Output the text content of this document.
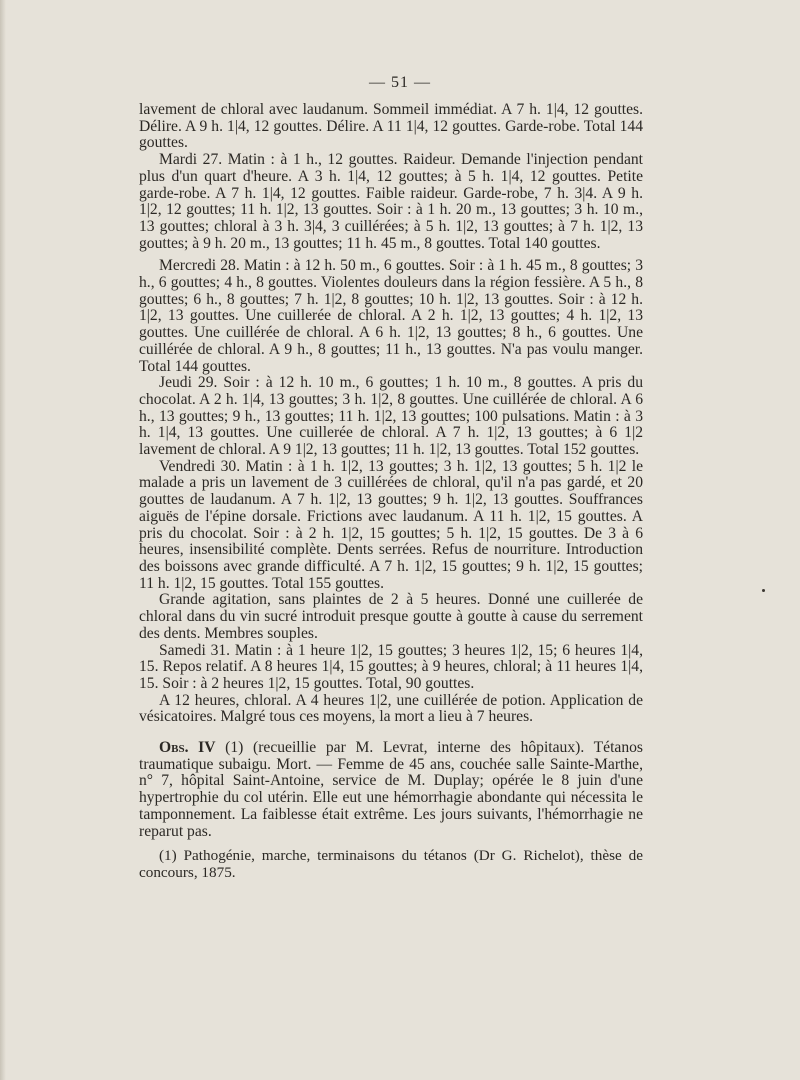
— 51 —

lavement de chloral avec laudanum. Sommeil immédiat. A 7 h. 1|4, 12 gouttes. Délire. A 9 h. 1|4, 12 gouttes. Délire. A 11 1|4, 12 gouttes. Garde-robe. Total 144 gouttes.

Mardi 27. Matin : à 1 h., 12 gouttes. Raideur. Demande l'injection pendant plus d'un quart d'heure. A 3 h. 1|4, 12 gouttes; à 5 h. 1|4, 12 gouttes. Petite garde-robe. A 7 h. 1|4, 12 gouttes. Faible raideur. Garde-robe, 7 h. 3|4. A 9 h. 1|2, 12 gouttes; 11 h. 1|2, 13 gouttes. Soir : à 1 h. 20 m., 13 gouttes; 3 h. 10 m., 13 gouttes; chloral à 3 h. 3|4, 3 cuillérées; à 5 h. 1|2, 13 gouttes; à 7 h. 1|2, 13 gouttes; à 9 h. 20 m., 13 gouttes; 11 h. 45 m., 8 gouttes. Total 140 gouttes.

Mercredi 28. Matin : à 12 h. 50 m., 6 gouttes. Soir : à 1 h. 45 m., 8 gouttes; 3 h., 6 gouttes; 4 h., 8 gouttes. Violentes douleurs dans la région fessière. A 5 h., 8 gouttes; 6 h., 8 gouttes; 7 h. 1|2, 8 gouttes; 10 h. 1|2, 13 gouttes. Soir : à 12 h. 1|2, 13 gouttes. Une cuillerée de chloral. A 2 h. 1|2, 13 gouttes; 4 h. 1|2, 13 gouttes. Une cuillérée de chloral. A 6 h. 1|2, 13 gouttes; 8 h., 6 gouttes. Une cuillérée de chloral. A 9 h., 8 gouttes; 11 h., 13 gouttes. N'a pas voulu manger. Total 144 gouttes.

Jeudi 29. Soir : à 12 h. 10 m., 6 gouttes; 1 h. 10 m., 8 gouttes. A pris du chocolat. A 2 h. 1|4, 13 gouttes; 3 h. 1|2, 8 gouttes. Une cuillérée de chloral. A 6 h., 13 gouttes; 9 h., 13 gouttes; 11 h. 1|2, 13 gouttes; 100 pulsations. Matin : à 3 h. 1|4, 13 gouttes. Une cuillerée de chloral. A 7 h. 1|2, 13 gouttes; à 6 1|2 lavement de chloral. A 9 1|2, 13 gouttes; 11 h. 1|2, 13 gouttes. Total 152 gouttes.

Vendredi 30. Matin : à 1 h. 1|2, 13 gouttes; 3 h. 1|2, 13 gouttes; 5 h. 1|2 le malade a pris un lavement de 3 cuillérées de chloral, qu'il n'a pas gardé, et 20 gouttes de laudanum. A 7 h. 1|2, 13 gouttes; 9 h. 1|2, 13 gouttes. Souffrances aiguës de l'épine dorsale. Frictions avec laudanum. A 11 h. 1|2, 15 gouttes. A pris du chocolat. Soir : à 2 h. 1|2, 15 gouttes; 5 h. 1|2, 15 gouttes. De 3 à 6 heures, insensibilité complète. Dents serrées. Refus de nourriture. Introduction des boissons avec grande difficulté. A 7 h. 1|2, 15 gouttes; 9 h. 1|2, 15 gouttes; 11 h. 1|2, 15 gouttes. Total 155 gouttes.

Grande agitation, sans plaintes de 2 à 5 heures. Donné une cuillerée de chloral dans du vin sucré introduit presque goutte à goutte à cause du serrement des dents. Membres souples.

Samedi 31. Matin : à 1 heure 1|2, 15 gouttes; 3 heures 1|2, 15; 6 heures 1|4, 15. Repos relatif. A 8 heures 1|4, 15 gouttes; à 9 heures, chloral; à 11 heures 1|4, 15. Soir : à 2 heures 1|2, 15 gouttes. Total, 90 gouttes.

A 12 heures, chloral. A 4 heures 1|2, une cuillérée de potion. Application de vésicatoires. Malgré tous ces moyens, la mort a lieu à 7 heures.

Obs. IV (1) (recueillie par M. Levrat, interne des hôpitaux). Tétanos traumatique subaigu. Mort. — Femme de 45 ans, couchée salle Sainte-Marthe, n° 7, hôpital Saint-Antoine, service de M. Duplay; opérée le 8 juin d'une hypertrophie du col utérin. Elle eut une hémorrhagie abondante qui nécessita le tamponnement. La faiblesse était extrême. Les jours suivants, l'hémorrhagie ne reparut pas.

(1) Pathogénie, marche, terminaisons du tétanos (Dr G. Richelot), thèse de concours, 1875.
